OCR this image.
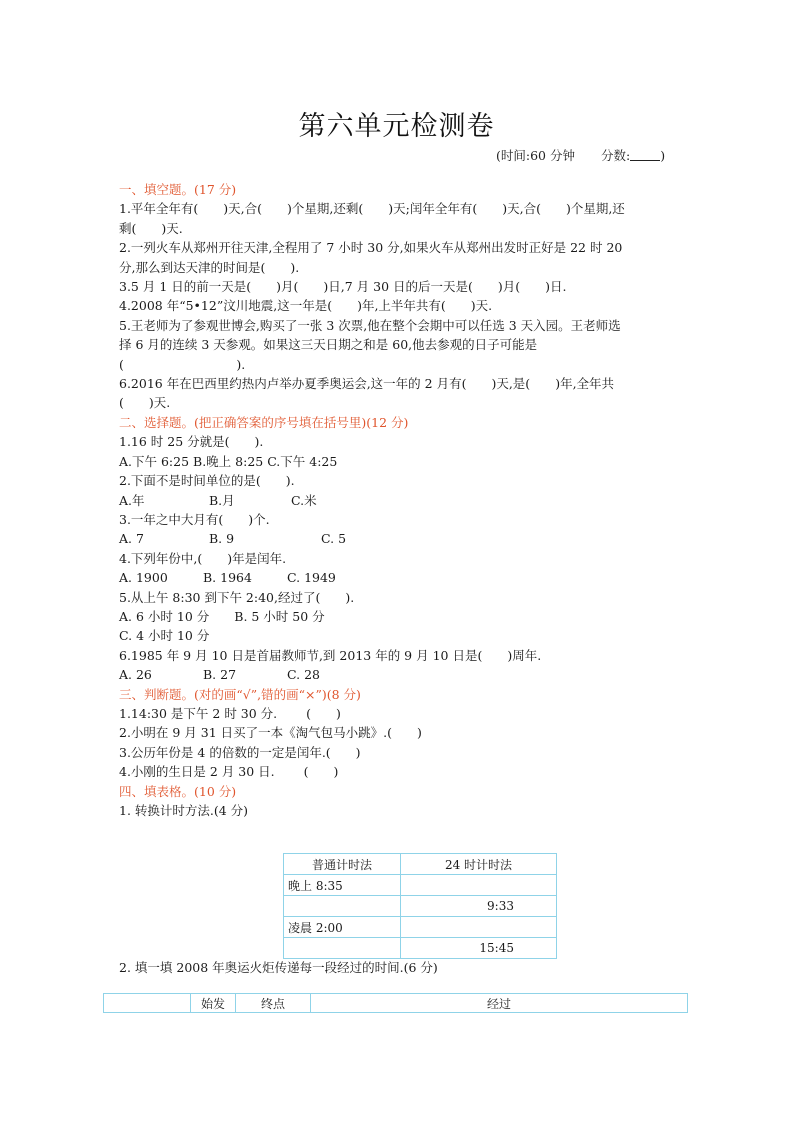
第六单元检测卷
(时间:60 分钟 分数: )
一、填空题。(17 分)
1.平年全年有(　　)天,合(　　)个星期,还剩(　　)天;闰年全年有(　　)天,合(　　)个星期,还
剩(　　)天.
2.一列火车从郑州开往天津,全程用了 7 小时 30 分,如果火车从郑州出发时正好是 22 时 20
分,那么到达天津的时间是(　　).
3.5 月 1 日的前一天是(　　)月(　　)日,7 月 30 日的后一天是(　　)月(　　)日.
4.2008 年“5•12”汶川地震,这一年是(　　)年,上半年共有(　　)天.
5.王老师为了参观世博会,购买了一张 3 次票,他在整个会期中可以任选 3 天入园。王老师选
择 6 月的连续 3 天参观。如果这三天日期之和是 60,他去参观的日子可能是
(　　　　　　　　　).
6.2016 年在巴西里约热内卢举办夏季奥运会,这一年的 2 月有(　　)天,是(　　)年,全年共
(　　)天.
二、选择题。(把正确答案的序号填在括号里)(12 分)
1.16 时 25 分就是(　　).
A.下午 6:25 B.晚上 8:25 C.下午 4:25
2.下面不是时间单位的是(　　).
A.年	B.月	C.米
3.一年之中大月有(　　)个.
A. 7	B. 9	C. 5
4.下列年份中,(　　)年是闰年.
A. 1900	B. 1964	C. 1949
5.从上午 8:30 到下午 2:40,经过了(　　).
A. 6 小时 10 分　　B. 5 小时 50 分
C. 4 小时 10 分
6.1985 年 9 月 10 日是首届教师节,到 2013 年的 9 月 10 日是(　　)周年.
A. 26	B. 27	C. 28
三、判断题。(对的画“√”,错的画“×”)(8 分)
1.14:30 是下午 2 时 30 分.　　 (　　)
2.小明在 9 月 31 日买了一本《淘气包马小跳》.(　　)
3.公历年份是 4 的倍数的一定是闰年.(　　)
4.小刚的生日是 2 月 30 日.　　 (　　)
四、填表格。(10 分)
1. 转换计时方法.(4 分)
普通计时法	24 时计时法
晚上 8:35	
	9:33
凌晨 2:00	
	15:45
2. 填一填 2008 年奥运火炬传递每一段经过的时间.(6 分)
	始发	终点	经过
